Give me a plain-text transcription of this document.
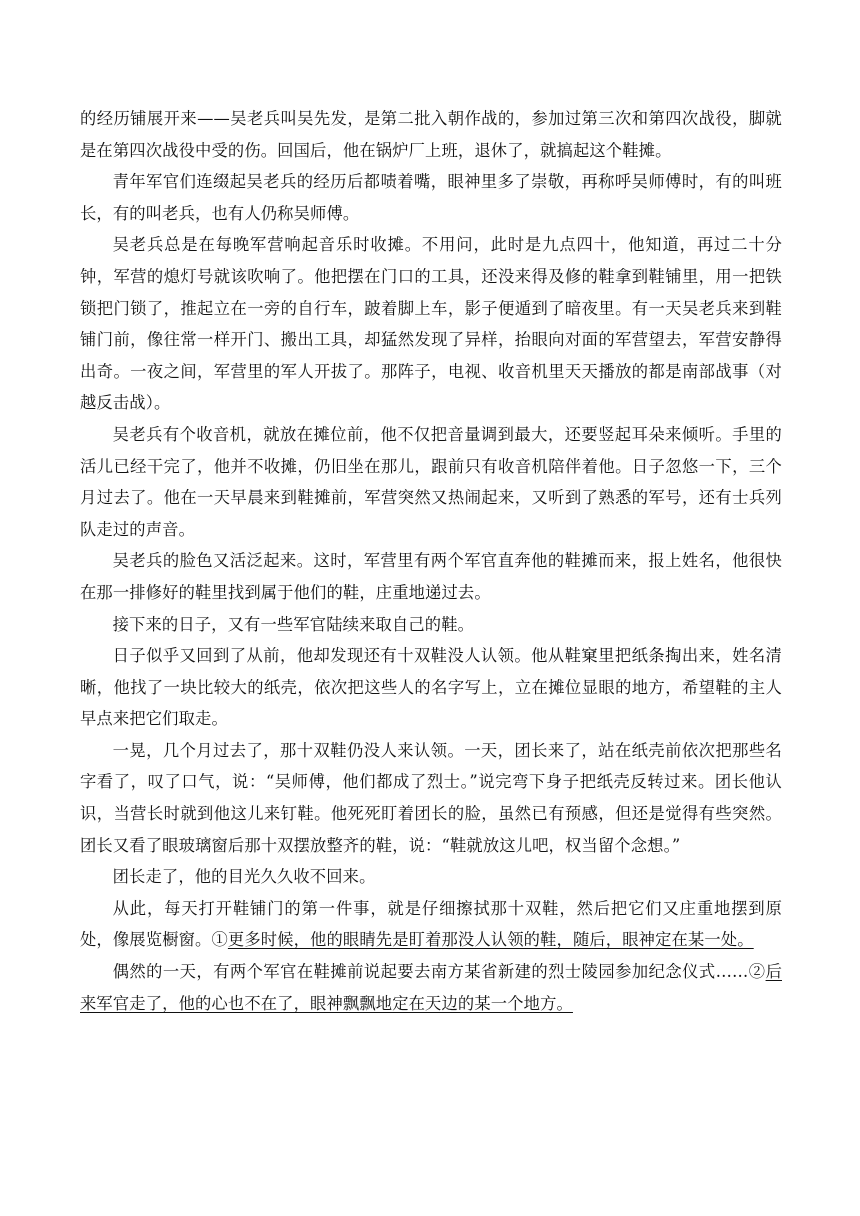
的经历铺展开来——吴老兵叫吴先发，是第二批入朝作战的，参加过第三次和第四次战役，脚就是在第四次战役中受的伤。回国后，他在锅炉厂上班，退休了，就搞起这个鞋摊。

青年军官们连缀起吴老兵的经历后都啧着嘴，眼神里多了崇敬，再称呼吴师傅时，有的叫班长，有的叫老兵，也有人仍称吴师傅。

吴老兵总是在每晚军营响起音乐时收摊。不用问，此时是九点四十，他知道，再过二十分钟，军营的熄灯号就该吹响了。他把摆在门口的工具，还没来得及修的鞋拿到鞋铺里，用一把铁锁把门锁了，推起立在一旁的自行车，跛着脚上车，影子便遁到了暗夜里。有一天吴老兵来到鞋铺门前，像往常一样开门、搬出工具，却猛然发现了异样，抬眼向对面的军营望去，军营安静得出奇。一夜之间，军营里的军人开拔了。那阵子，电视、收音机里天天播放的都是南部战事（对越反击战）。

吴老兵有个收音机，就放在摊位前，他不仅把音量调到最大，还要竖起耳朵来倾听。手里的活儿已经干完了，他并不收摊，仍旧坐在那儿，跟前只有收音机陪伴着他。日子忽悠一下，三个月过去了。他在一天早晨来到鞋摊前，军营突然又热闹起来，又听到了熟悉的军号，还有士兵列队走过的声音。

吴老兵的脸色又活泛起来。这时，军营里有两个军官直奔他的鞋摊而来，报上姓名，他很快在那一排修好的鞋里找到属于他们的鞋，庄重地递过去。

接下来的日子，又有一些军官陆续来取自己的鞋。

日子似乎又回到了从前，他却发现还有十双鞋没人认领。他从鞋窠里把纸条掏出来，姓名清晰，他找了一块比较大的纸壳，依次把这些人的名字写上，立在摊位显眼的地方，希望鞋的主人早点来把它们取走。

一晃，几个月过去了，那十双鞋仍没人来认领。一天，团长来了，站在纸壳前依次把那些名字看了，叹了口气，说：“吴师傅，他们都成了烈士。”说完弯下身子把纸壳反转过来。团长他认识，当营长时就到他这儿来钉鞋。他死死盯着团长的脸，虽然已有预感，但还是觉得有些突然。团长又看了眼玻璃窗后那十双摆放整齐的鞋，说：“鞋就放这儿吧，权当留个念想。”

团长走了，他的目光久久收不回来。

从此，每天打开鞋铺门的第一件事，就是仔细擦拭那十双鞋，然后把它们又庄重地摆到原处，像展览橱窗。①更多时候，他的眼睛先是盯着那没人认领的鞋，随后，眼神定在某一处。

偶然的一天，有两个军官在鞋摊前说起要去南方某省新建的烈士陵园参加纪念仪式……②后来军官走了，他的心也不在了，眼神飘飘地定在天边的某一个地方。
